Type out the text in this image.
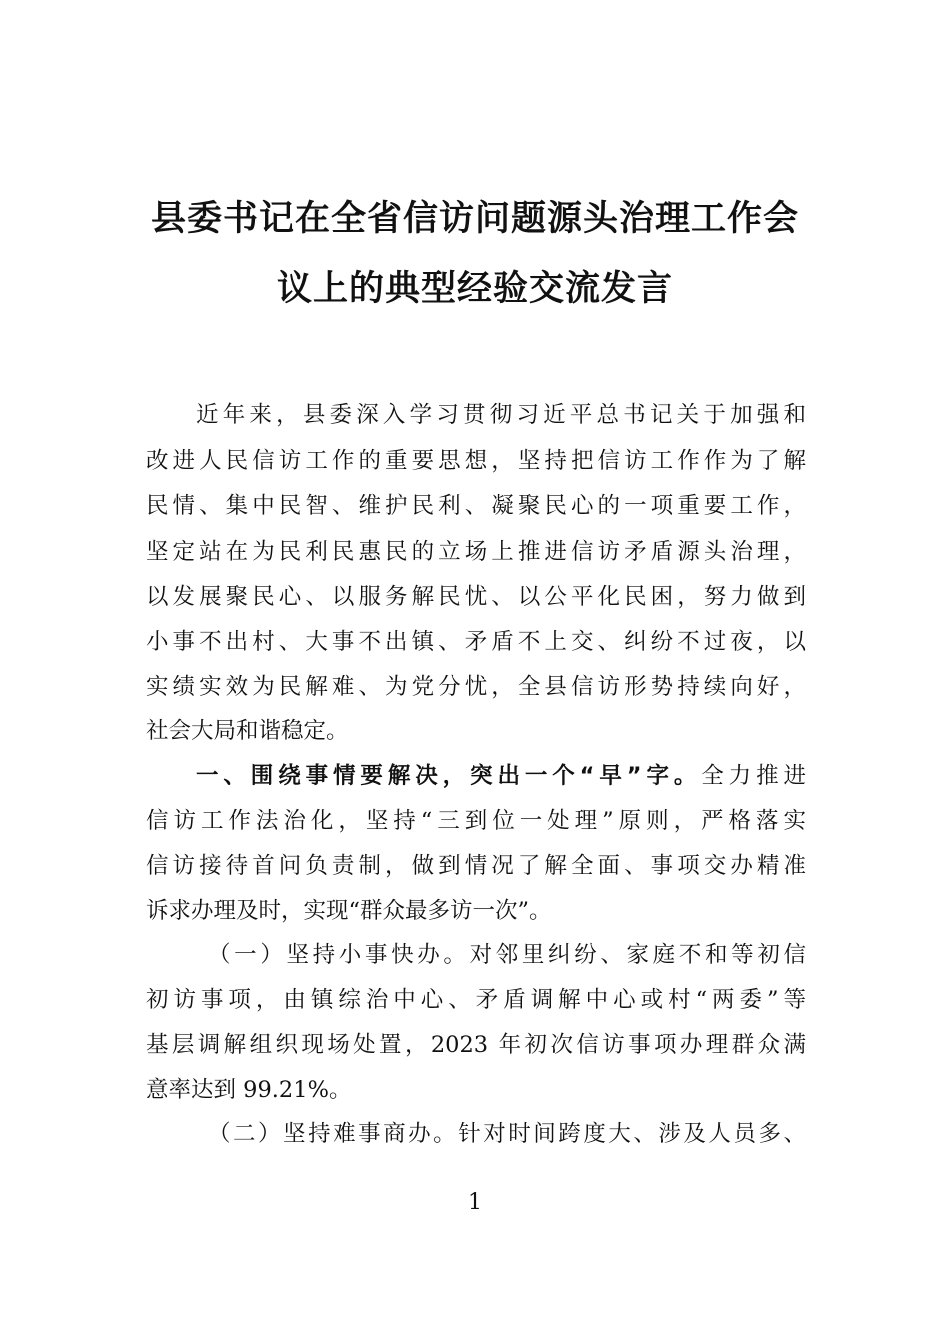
县委书记在全省信访问题源头治理工作会
议上的典型经验交流发言
近年来，县委深入学习贯彻习近平总书记关于加强和
改进人民信访工作的重要思想，坚持把信访工作作为了解
民情、集中民智、维护民利、凝聚民心的一项重要工作，
坚定站在为民利民惠民的立场上推进信访矛盾源头治理，
以发展聚民心、以服务解民忧、以公平化民困，努力做到
小事不出村、大事不出镇、矛盾不上交、纠纷不过夜，以
实绩实效为民解难、为党分忧，全县信访形势持续向好，
社会大局和谐稳定。
一、围绕事情要解决，突出一个“早”字。全力推进
信访工作法治化，坚持“三到位一处理”原则，严格落实
信访接待首问负责制，做到情况了解全面、事项交办精准
诉求办理及时，实现“群众最多访一次”。
（一）坚持小事快办。对邻里纠纷、家庭不和等初信
初访事项，由镇综治中心、矛盾调解中心或村“两委”等
基层调解组织现场处置，2023 年初次信访事项办理群众满
意率达到 99.21%。
（二）坚持难事商办。针对时间跨度大、涉及人员多、
1
